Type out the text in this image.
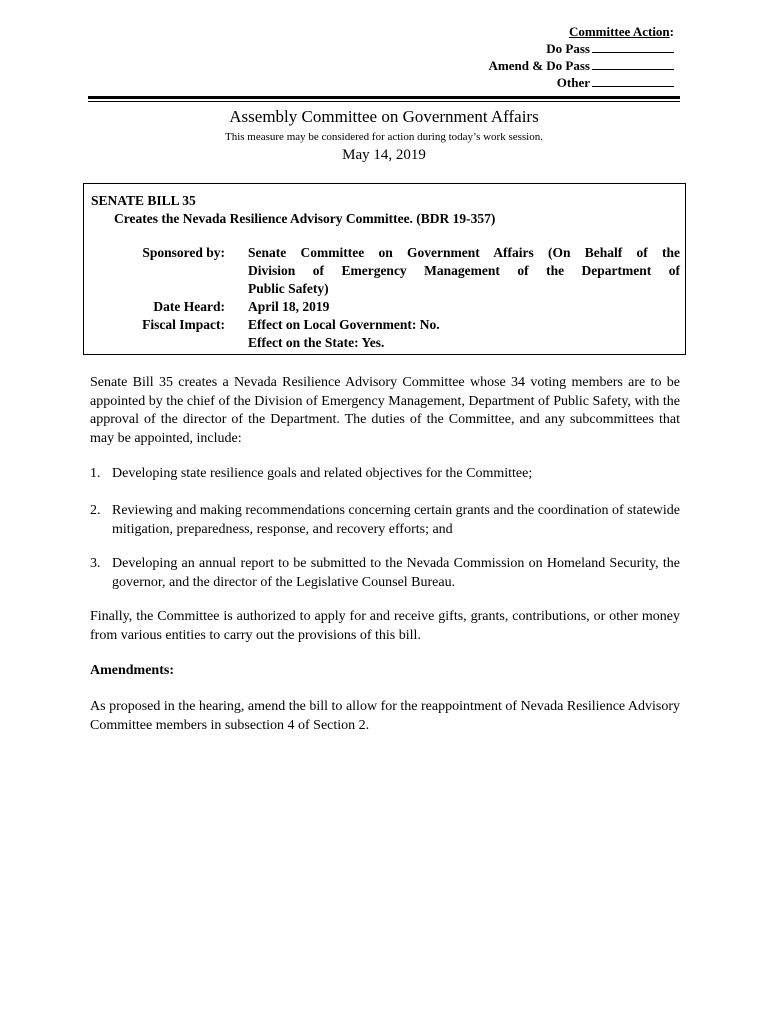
Committee Action:
Do Pass
Amend & Do Pass
Other
Assembly Committee on Government Affairs
This measure may be considered for action during today’s work session.
May 14, 2019
SENATE BILL 35
Creates the Nevada Resilience Advisory Committee. (BDR 19-357)
Sponsored by: Senate Committee on Government Affairs (On Behalf of the
Division of Emergency Management of the Department of
Public Safety)
Date Heard: April 18, 2019
Fiscal Impact: Effect on Local Government: No.
Effect on the State: Yes.
Senate Bill 35 creates a Nevada Resilience Advisory Committee whose 34 voting members are to be appointed by the chief of the Division of Emergency Management, Department of Public Safety, with the approval of the director of the Department. The duties of the Committee, and any subcommittees that may be appointed, include:
1. Developing state resilience goals and related objectives for the Committee;
2. Reviewing and making recommendations concerning certain grants and the coordination of statewide mitigation, preparedness, response, and recovery efforts; and
3. Developing an annual report to be submitted to the Nevada Commission on Homeland Security, the governor, and the director of the Legislative Counsel Bureau.
Finally, the Committee is authorized to apply for and receive gifts, grants, contributions, or other money from various entities to carry out the provisions of this bill.
Amendments:
As proposed in the hearing, amend the bill to allow for the reappointment of Nevada Resilience Advisory Committee members in subsection 4 of Section 2.
